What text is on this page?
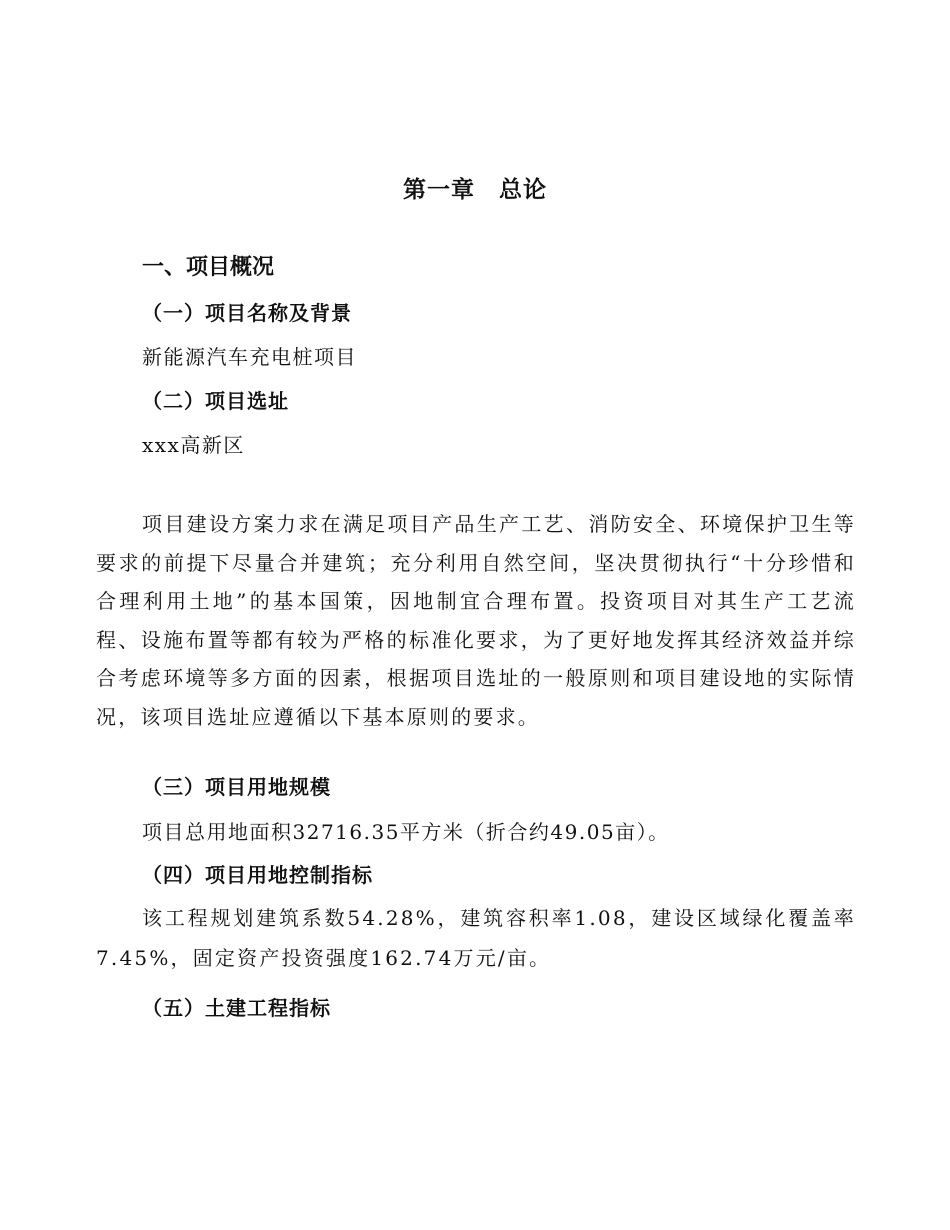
第一章　总论
一、项目概况
（一）项目名称及背景
新能源汽车充电桩项目
（二）项目选址
xxx高新区
项目建设方案力求在满足项目产品生产工艺、消防安全、环境保护卫生等要求的前提下尽量合并建筑；充分利用自然空间，坚决贯彻执行“十分珍惜和合理利用土地”的基本国策，因地制宜合理布置。投资项目对其生产工艺流程、设施布置等都有较为严格的标准化要求，为了更好地发挥其经济效益并综合考虑环境等多方面的因素，根据项目选址的一般原则和项目建设地的实际情况，该项目选址应遵循以下基本原则的要求。
（三）项目用地规模
项目总用地面积32716.35平方米（折合约49.05亩）。
（四）项目用地控制指标
该工程规划建筑系数54.28%，建筑容积率1.08，建设区域绿化覆盖率7.45%，固定资产投资强度162.74万元/亩。
（五）土建工程指标
